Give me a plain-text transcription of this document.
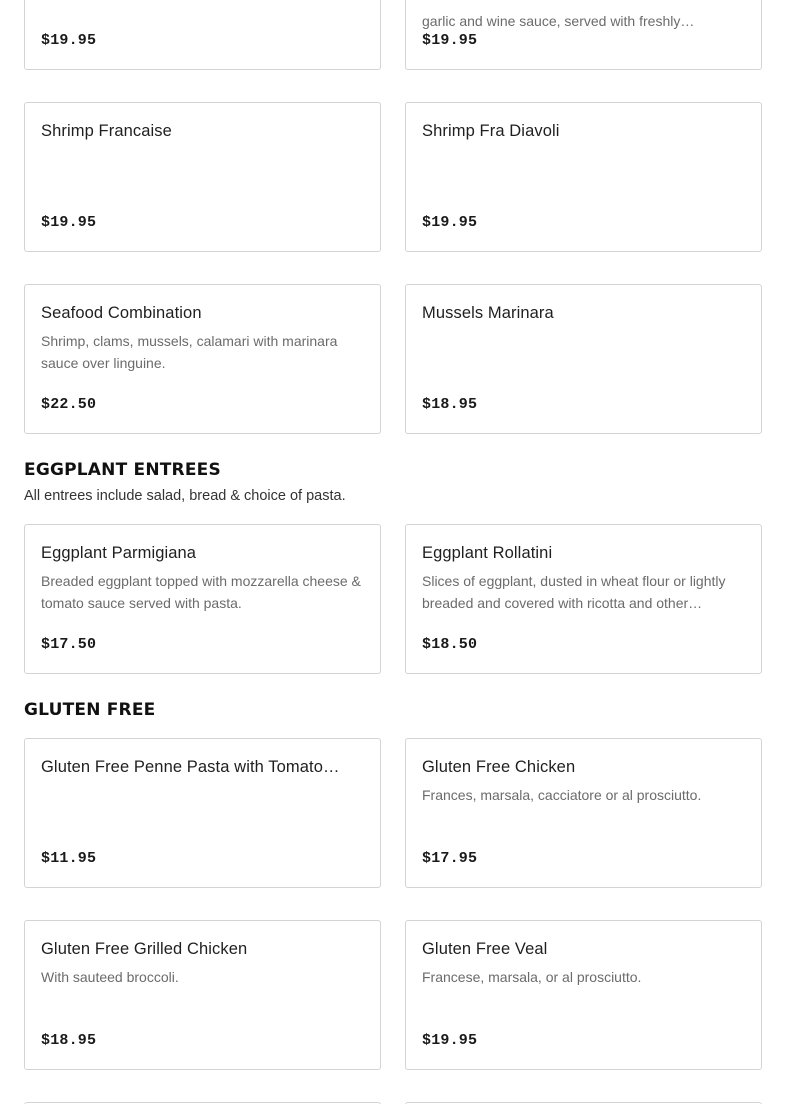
$19.95
garlic and wine sauce, served with freshly…
$19.95
Shrimp Francaise
$19.95
Shrimp Fra Diavoli
$19.95
Seafood Combination
Shrimp, clams, mussels, calamari with marinara sauce over linguine.
$22.50
Mussels Marinara
$18.95
EGGPLANT ENTREES
All entrees include salad, bread & choice of pasta.
Eggplant Parmigiana
Breaded eggplant topped with mozzarella cheese & tomato sauce served with pasta.
$17.50
Eggplant Rollatini
Slices of eggplant, dusted in wheat flour or lightly breaded and covered with ricotta and other…
$18.50
GLUTEN FREE
Gluten Free Penne Pasta with Tomato…
$11.95
Gluten Free Chicken
Frances, marsala, cacciatore or al prosciutto.
$17.95
Gluten Free Grilled Chicken
With sauteed broccoli.
$18.95
Gluten Free Veal
Francese, marsala, or al prosciutto.
$19.95
